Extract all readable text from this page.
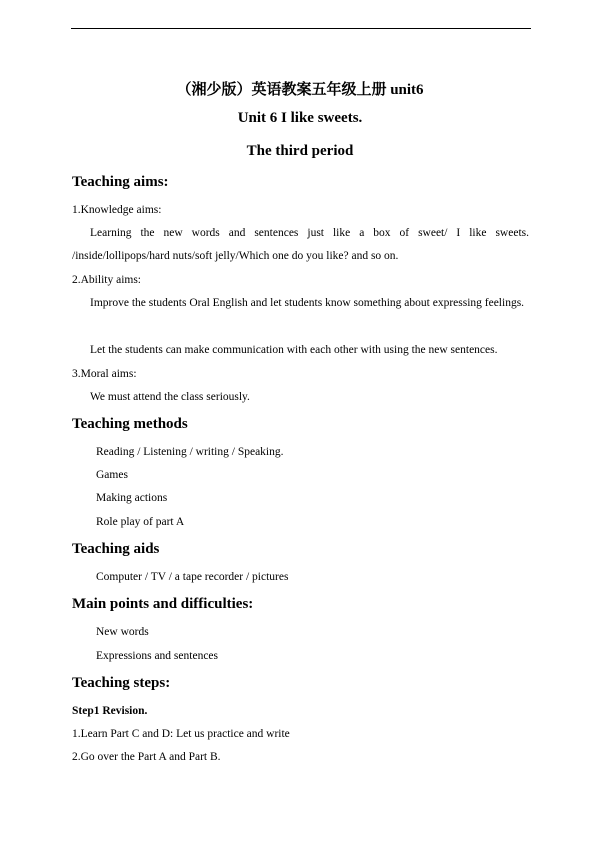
（湘少版）英语教案五年级上册 unit6
Unit 6 I like sweets.
The third period
Teaching aims:
1.Knowledge aims:
Learning the new words and sentences just like a box of sweet/ I like sweets. /inside/lollipops/hard nuts/soft jelly/Which one do you like? and so on.
2.Ability aims:
Improve the students Oral English and let students know something about expressing feelings.
Let the students can make communication with each other with using the new sentences.
3.Moral aims:
We must attend the class seriously.
Teaching methods
Reading / Listening / writing / Speaking.
Games
Making actions
Role play of part A
Teaching aids
Computer / TV / a tape recorder / pictures
Main points and difficulties:
New words
Expressions and sentences
Teaching steps:
Step1 Revision.
1.Learn Part C and D: Let us practice and write
2.Go over the Part A and Part B.
